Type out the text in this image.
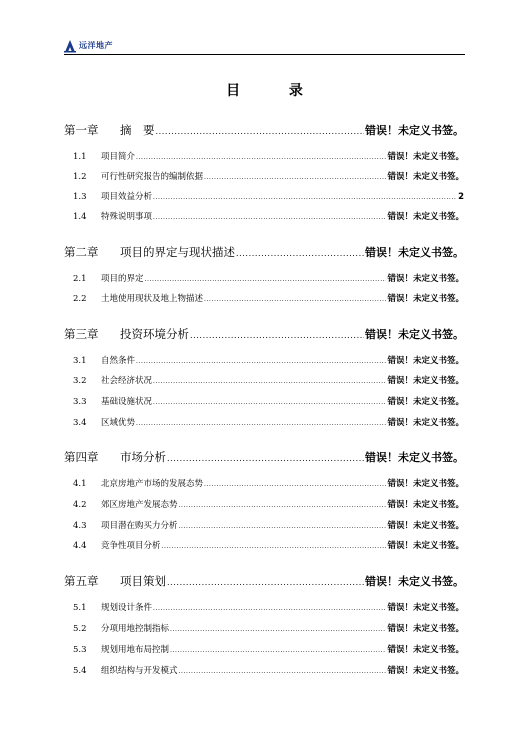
远洋地产
目 录
第一章	摘　要 .....	错误！未定义书签。
1.1	项目简介 .....	错误！未定义书签。
1.2	可行性研究报告的编制依据 .....	错误！未定义书签。
1.3	项目效益分析 .....	2
1.4	特殊说明事项 .....	错误！未定义书签。
第二章	项目的界定与现状描述 .....	错误！未定义书签。
2.1	项目的界定 .....	错误！未定义书签。
2.2	土地使用现状及地上物描述 .....	错误！未定义书签。
第三章	投资环境分析 .....	错误！未定义书签。
3.1	自然条件 .....	错误！未定义书签。
3.2	社会经济状况 .....	错误！未定义书签。
3.3	基础设施状况 .....	错误！未定义书签。
3.4	区域优势 .....	错误！未定义书签。
第四章	市场分析 .....	错误！未定义书签。
4.1	北京房地产市场的发展态势 .....	错误！未定义书签。
4.2	郊区房地产发展态势 .....	错误！未定义书签。
4.3	项目潜在购买力分析 .....	错误！未定义书签。
4.4	竞争性项目分析 .....	错误！未定义书签。
第五章	项目策划 .....	错误！未定义书签。
5.1	规划设计条件 .....	错误！未定义书签。
5.2	分项用地控制指标 .....	错误！未定义书签。
5.3	规划用地布局控制 .....	错误！未定义书签。
5.4	组织结构与开发模式 .....	错误！未定义书签。
